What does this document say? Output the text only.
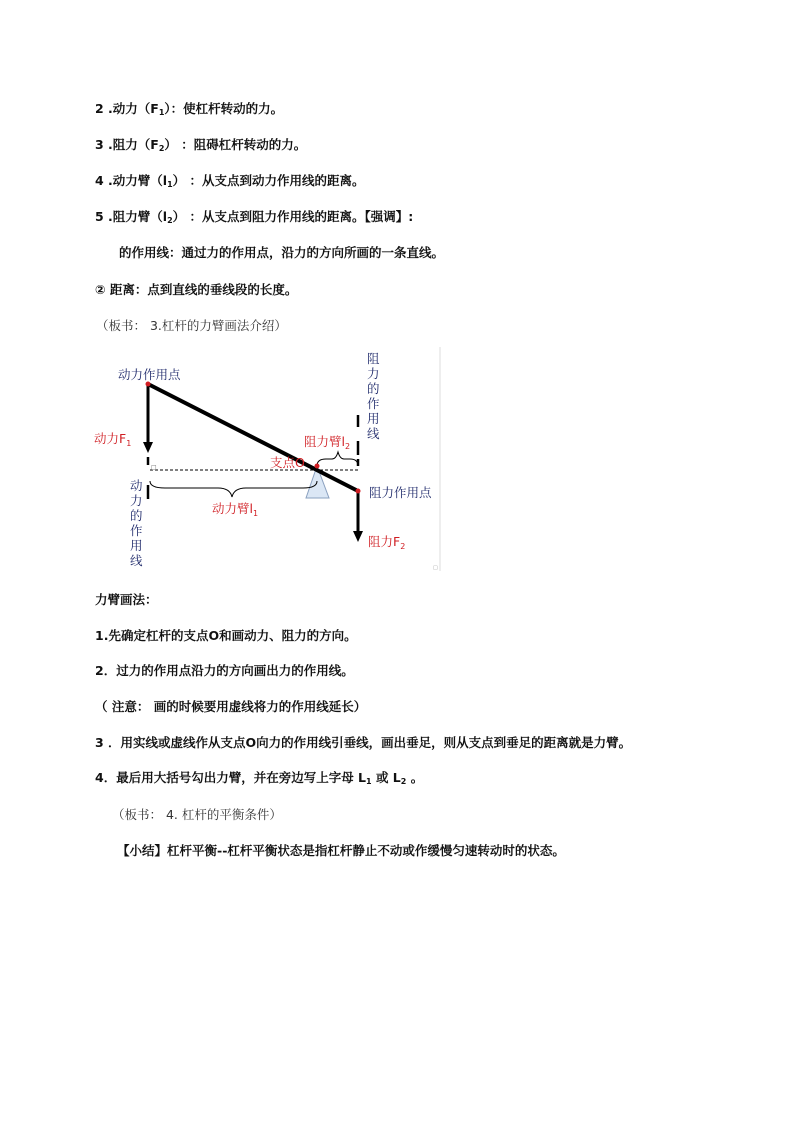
2 .动力$(F_1)$：使杠杆转动的力。
3 .阻力$(F_2)$ ：阻碍杠杆转动的力。
4 .动力臂$(l_1)$ ：从支点到动力作用线的距离。
5 .阻力臂$(l_2)$ ：从支点到阻力作用线的距离。【强调】:
的作用线：通过力的作用点，沿力的方向所画的一条直线。
② 距离：点到直线的垂线段的长度。
（板书： 3.杠杆的力臂画法介绍）
□
□
动力作用点
动力$F_1$
动
力
的
作
用
线
动力臂$l_1$
支点O
阻力臂$l_2$
阻
力
的
作
用
线
阻力作用点
阻力$F_2$
力臂画法：
1.先确定杠杆的支点O和画动力、阻力的方向。
2．过力的作用点沿力的方向画出力的作用线。
（ 注意： 画的时候要用虚线将力的作用线延长）
3 ．用实线或虚线作从支点O向力的作用线引垂线，画出垂足，则从支点到垂足的距离就是力臂。
4．最后用大括号勾出力臂，并在旁边写上字母 $L_1$ 或 $L_2$ 。
（板书： 4. 杠杆的平衡条件）
【小结】杠杆平衡--杠杆平衡状态是指杠杆静止不动或作缓慢匀速转动时的状态。
